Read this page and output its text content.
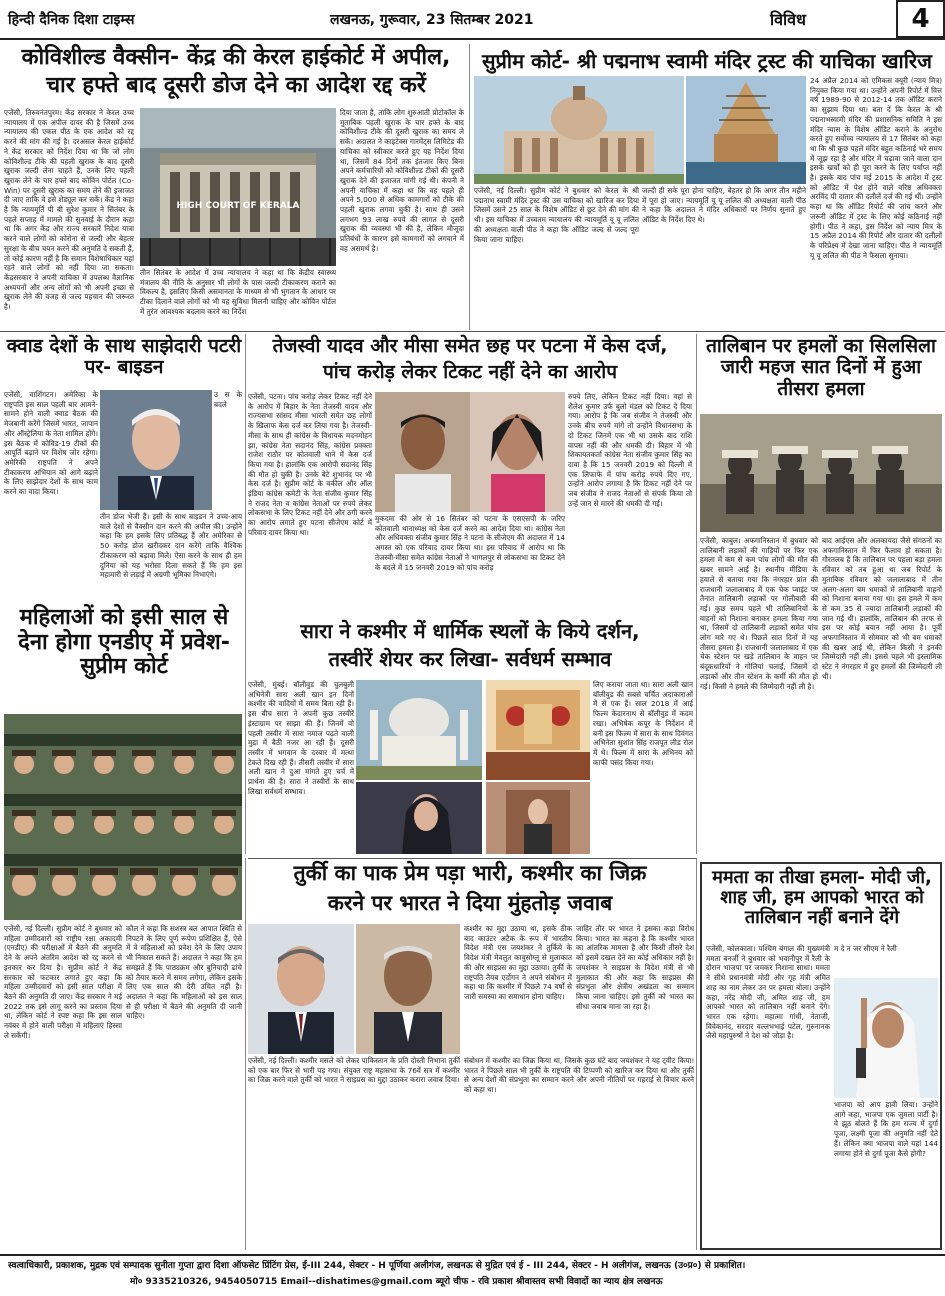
हिन्दी दैनिक दिशा टाइम्स	लखनऊ, गुरूवार, 23 सितम्बर 2021	विविध	4
कोविशील्ड वैक्सीन- केंद्र की केरल हाईकोर्ट में अपील,
चार हफ्ते बाद दूसरी डोज देने का आदेश रद्द करें
एजेंसी, तिरुवनंतपुरम। केंद्र सरकार ने केरल उच्च न्यायालय में एक अपील दायर की है जिसमें उच्च न्यायालय की एकल पीठ के एक आदेश को रद्द करने की मांग की गई है। दरअसल केरल हाईकोर्ट ने केंद्र सरकार को निर्देश दिया था कि जो लोग कोविशील्ड टीके की पहली खुराक के बाद दूसरी खुराक जल्दी लेना चाहते हैं, उनके लिए पहली खुराक लेने के चार हफ्ते बाद कोविन पोर्टल (Co-Win) पर दूसरी खुराक का समय लेने की इजाजत दी जाए ताकि वे इसे शेड्यूल कर सकें। केंद्र ने कहा है कि न्यायमूर्ति पी बी सुरेश कुमार ने सितंबर के पहले सप्ताह में मामले की सुनवाई के दौरान कहा था कि अगर केंद्र और राज्य सरकारें निदेश यात्रा करने वाले लोगों को कोरोना से जल्दी और बेहतर सुरक्षा के बीच चयन करने की अनुमति दे सकती हैं, तो कोई कारण नहीं है कि समान विशेषाधिकार यहां रहने वाले लोगों को नहीं दिया जा सकता। केंद्रसरकार ने अपनी याचिका में उपलब्ध वैज्ञानिक अध्ययनों और अन्य लोगों को भी अपनी इच्छा से खुराक लेने की वजह से जल्द पहचान की जरूरत है।
HIGH COURT OF KERALA
तीन सितंबर के आदेश में उच्च न्यायालय ने कहा था कि केंद्रीय स्वास्थ्य मंत्रालय की नीति के अनुसार भी लोगों के पास जल्दी टीकाकरण कराने का विकल्प है, इसलिए किसी असमानता के माध्यम से भी भुगतान के आधार पर टीका दिलाने वाले लोगों को भी यह सुविधा मिलनी चाहिए और कोविन पोर्टल में तुरंत आवश्यक बदलाव करने का निर्देश
दिया जाता है, ताकि लोग शुरुआती प्रोटोकॉल के मुताबिक पहली खुराक के चार हफ्ते के बाद कोविशील्ड टीके की दूसरी खुराक का समय ले सकें। अदालत ने काइटेक्स गारमेंट्स लिमिटेड की याचिका को स्वीकार करते हुए यह निर्देश दिया था, जिसमें 84 दिनों तक इंतजार किए बिना अपने कर्मचारियों को कोविशील्ड टीकों की दूसरी खुराक देने की इजाजत मांगी गई थी। कंपनी ने अपनी याचिका में कहा था कि वह पहले ही अपने 5,000 से अधिक कामगारों को टीके की पहली खुराक लगवा चुकी है। साथ ही उसने लगभग 93 लाख रुपये की लागत से दूसरी खुराक की व्यवस्था भी की है, लेकिन मौजूदा प्रतिबंधों के कारण इसे कामगारों को लगवाने में वह असमर्थ है।
सुप्रीम कोर्ट- श्री पद्मनाभ स्वामी मंदिर ट्रस्ट की याचिका खारिज
एजेंसी, नई दिल्ली। सुप्रीम कोर्ट ने बुधवार को केरल के श्री पद्मनाभ स्वामी मंदिर ट्रस्ट की उस याचिका को खारिज कर दिया जिसमें उसने 25 साल के विशेष ऑडिट से छूट देने की मांग की थी। इस याचिका में उच्चतम न्यायालय की न्यायमूर्ति यू यू ललित की अध्यक्षता वाली पीठ ने कहा कि ऑडिट जल्द से जल्द पूरा किया जाना चाहिए।
जल्दी ही सके पूरा होना चाहिए, बेहतर हो कि अगर तीन महीने में पूरा हो जाए। न्यायमूर्ति यू यू ललित की अध्यक्षता वाली पीठ ने कहा कि अदालत ने मंदिर अधिकारों पर निर्णय सुनाते हुए ऑडिट के निर्देश दिए थे।
24 अप्रैल 2014 को एमिकस क्यूरी (न्याय मित्र) नियुक्त किया गया था। उन्होंने अपनी रिपोर्ट में वित्त वर्ष 1989-90 से 2012-14 तक ऑडिट कराने का सुझाव दिया था। बता दें कि केरल के श्री पद्मनाभस्वामी मंदिर की प्रशासनिक समिति ने इस मंदिर न्यास के विशेष ऑडिट कराने के अनुरोध करते हुए सर्वोच्च न्यायालय से 17 सितंबर को कहा था कि श्री कुछ पहले मंदिर बहुत कठिनाई भरे समय में जूझ रहा है और मंदिर में चढ़ावा जाने वाला दान इसके खर्चों को ही पूरा करने के लिए पर्याप्त नहीं है। इसके बाद पांच मई 2015 के आदेश में ट्रस्ट को ऑडिट में पेश होने वाले वरिष्ठ अधिवक्ता अरविंद पी दातार की दलीलें दर्ज की गई थीं। उन्होंने कहा था कि ऑडिट रिपोर्ट की जांच करने और जरूरी ऑडिट में ट्रस्ट के लिए कोई कठिनाई नहीं होगी। पीठ ने कहा, इस निर्देश को न्याय मित्र के 15 अप्रैल 2014 की रिपोर्ट और दातार की दलीलों के परिप्रेक्ष्य में देखा जाना चाहिए। पीठ ने न्यायमूर्ति यू यू ललित की पीठ ने फैसला सुनाया।
क्वाड देशों के साथ साझेदारी पटरी पर- बाइडन
एजेंसी, वाशिंगटन। अमेरिका के राष्ट्रपति इस साल पहली बार आमने-सामने होने वाली क्वाड बैठक की मेजबानी करेंगे जिसमें भारत, जापान और ऑस्ट्रेलिया के नेता शामिल होंगे। इस बैठक में कोविड-19 टीकों की आपूर्ति बढ़ाने पर विशेष जोर रहेगा। अमेरिकी राष्ट्रपति ने अपने टीकाकरण अभियान को आगे बढ़ाने के लिए साझेदार देशों के साथ काम करने का वादा किया।
उ स के बदले
तीन डोज भेजी हैं। इसी के साथ बाइडन ने उच्च-आय वाले देशों से वैक्सीन दान करने की अपील की। उन्होंने कहा कि हम इसके लिए प्रतिबद्ध हैं और अमेरिका से 50 करोड़ डोज खरीदकर दान करेंगे ताकि वैश्विक टीकाकरण को बढ़ावा मिले। ऐसा करने के साथ ही हम दुनिया को यह भरोसा दिला सकते हैं कि हम इस महामारी से लड़ाई में अग्रणी भूमिका निभाएंगे।
तेजस्वी यादव और मीसा समेत छह पर पटना में केस दर्ज,
पांच करोड़ लेकर टिकट नहीं देने का आरोप
एजेंसी, पटना। पांच करोड़ लेकर टिकट नहीं देने के आरोप में बिहार के नेता तेजस्वी यादव और राज्यसभा सांसद मीसा भारती समेत छह लोगों के खिलाफ केस दर्ज कर लिया गया है। तेजस्वी-मीसा के साथ ही कांग्रेस के विधायक मदनमोहन झा, कांग्रेस नेता सदानंद सिंह, कांग्रेस प्रवक्ता राजेश राठौर पर कोतवाली थाने में केस दर्ज किया गया है। हालांकि एक आरोपी सदानंद सिंह की मौत हो चुकी है। उनके बेटे शुभानंद पर भी केस दर्ज है। सुप्रीम कोर्ट के वकील और ऑल इंडिया कांग्रेस कमेटी के नेता संजीव कुमार सिंह ने राजद नेता व कांग्रेस नेताओं पर रुपये लेकर लोकसभा के लिए टिकट नहीं देने और ठगी करने का आरोप लगाते हुए पटना सीजेएम कोर्ट में परिवाद दायर किया था।
मुकदमा की ओर से 16 सितंबर को पटना के एसएसपी के जरिए कोतवाली थानाध्यक्ष को केस दर्ज करने का आदेश दिया था। कांग्रेस नेता और अधिवक्ता संजीव कुमार सिंह ने पटना के सीजेएम की अदालत में 14 अगस्त को एक परिवाद दायर किया था। इस परिवाद में आरोप था कि तेजस्वी-मीसा समेत कांग्रेस नेताओं ने भागलपुर से लोकसभा का टिकट देने के बदले में 15 जनवरी 2019 को पांच करोड़
रुपये लिए, लेकिन टिकट नहीं दिया। वहां से शैलेश कुमार उर्फ बुलो मंडल को टिकट दे दिया गया। आरोप है कि जब संजीव ने तेजस्वी और उनके बीच रुपये मांगे तो उन्होंने विधानसभा के दो टिकट जिनमें एक भी था उसके बाद राशि वापस नहीं की और धमकी दी। बिहार में भी शिकायतकर्ता कांग्रेस नेता संजीव कुमार सिंह का दावा है कि 15 जनवरी 2019 को दिल्ली में एक लिफाफे में पांच करोड़ रुपये दिए गए, उन्होंने आरोप लगाया है कि टिकट नहीं देने पर जब संजीव ने राजद नेताओं से संपर्क किया तो उन्हें जान से मारने की धमकी दी गई।
तालिबान पर हमलों का सिलसिला जारी महज सात दिनों में हुआ तीसरा हमला
एजेंसी, काबुल। अफगानिस्तान में बुधवार को तालिबानी लड़ाकों की गाड़ियों पर फिर एक हमला में कम से कम पांच लोगों की मौत की खबर सामने आई है। स्थानीय मीडिया के हवाले से बताया गया कि नंगरहार प्रांत की राजधानी जलालाबाद में एक चेक प्वाइंट पर तैनात तालिबानी लड़ाकों पर गोलीबारी की गई। कुछ समय पहले भी तालिबानियों के वाहनों को निशाना बनाकर हमला किया गया था, जिसमें दो तालिबानी लड़ाकों समेत पांच लोग मारे गए थे। पिछले सात दिनों में यह तीसरा हमला है। राजधानी जलालाबाद में एक चेक स्टेशन पर खड़े तालिबान के वाहन पर बंदूकधारियों ने गोलियां चलाईं, जिसमें दो लड़ाकों और तीन स्टेशन के कर्मी की मौत हो गई। किसी ने हमले की जिम्मेदारी नहीं ली है।
बाद आईएस और अलकायदा जैसे संगठनों का अफगानिस्तान में फिर फैलाव हो सकता है। गौरतलब है कि तालिबान पर पहला बड़ा हमला रविवार को तब हुआ था जब रिपोर्ट के मुताबिक रविवार को जलालाबाद में तीन अलग-अलग बम धमाकों में तालिबानी वाहनों को निशाना बनाया गया था। इस हमले में कम से कम 35 से ज्यादा तालिबानी लड़ाकों की जान गई थी। हालांकि, तालिबान की तरफ से इस पर कोई बयान नहीं आया है। पूर्वी अफगानिस्तान में सोमवार को भी बम धमाकों की खबर आई थी, लेकिन किसी ने इनकी जिम्मेदारी नहीं ली। इससे पहले भी इस्लामिक स्टेट ने नंगरहार में हुए हमलों की जिम्मेदारी ली थी।
सारा ने कश्मीर में धार्मिक स्थलों के किये दर्शन,
तस्वीरें शेयर कर लिखा- सर्वधर्म सम्भाव
एजेंसी, मुंबई। बॉलीवुड की चुलबुली अभिनेत्री सारा अली खान इन दिनों कश्मीर की वादियों में समय बिता रही हैं। इस बीच सारा ने अपनी कुछ तस्वीरें इंस्टाग्राम पर साझा की हैं। जिनमें वो पहली तस्वीर में सारा नमाज पढ़ते वाली मुद्रा में बैठी नजर आ रही हैं। दूसरी तस्वीर में भगवान के दरबार में मत्था टेकते दिख रही हैं। तीसरी तस्वीर में सारा अली खान ने दुआ मांगते हुए चर्च में प्रार्थना की है। सारा ने तस्वीरों के साथ लिखा सर्वधर्म सम्भाव।
लिए कराया जाता था। सारा अली खान बॉलीवुड की सबसे चर्चित अदाकाराओं में से एक हैं। साल 2018 में आई फिल्म केदारनाथ से बॉलीवुड में कदम रखा। अभिषेक कपूर के निर्देशन में बनी इस फिल्म में सारा के साथ दिवंगत अभिनेता सुशांत सिंह राजपूत लीड रोल में थे। फिल्म में सारा के अभिनय को काफी पसंद किया गया।
महिलाओं को इसी साल से देना होगा एनडीए में प्रवेश- सुप्रीम कोर्ट
एजेंसी, नई दिल्ली। सुप्रीम कोर्ट ने बुधवार को महिला उम्मीदवारों को राष्ट्रीय रक्षा अकादमी (एनडीए) की परीक्षाओं में बैठने की अनुमति देने के अपने अंतरिम आदेश को रद्द करने से इनकार कर दिया है। सुप्रीम कोर्ट ने केंद्र सरकार को फटकार लगाते हुए कहा कि महिला उम्मीदवारों को इसी साल परीक्षा में बैठने की अनुमति दी जाए। केंद्र सरकार ने मई 2022 तक इसे लागू करने का प्रस्ताव दिया था, लेकिन कोर्ट ने स्पष्ट कहा कि इस साल नवंबर में होने वाली परीक्षा में महिलाएं हिस्सा ले सकेंगी।
कौल ने कहा कि सशस्त्र बल आपात स्थिति से निपटने के लिए पूर्ण रूपेण प्रशिक्षित हैं, ऐसे में वे महिलाओं को प्रवेश देने के लिए उपाय भी निकाल सकते हैं। अदालत ने कहा कि हम समझते हैं कि पाठ्यक्रम और बुनियादी ढांचे को तैयार करने में समय लगेगा, लेकिन इसके लिए एक साल की देरी उचित नहीं है। अदालत ने कहा कि महिलाओं को इस साल से ही परीक्षा में बैठने की अनुमति दी जानी चाहिए।
तुर्की का पाक प्रेम पड़ा भारी, कश्मीर का जिक्र
करने पर भारत ने दिया मुंहतोड़ जवाब
एजेंसी, नई दिल्ली। कश्मीर मसले को लेकर पाकिस्तान के प्रति दोस्ती निभाना तुर्की को एक बार फिर से भारी पड़ गया। संयुक्त राष्ट्र महासभा के 76वें सत्र में कश्मीर का जिक्र करने वाले तुर्की को भारत ने साइप्रस का मुद्दा उठाकर करारा जवाब दिया।
कश्मीर का मुद्दा उठाया था, इसके ठीक बाद काउंटर अटैक के रूप में भारतीय विदेश मंत्री एस जयशंकर ने तुर्किये के विदेश मंत्री मेवलुत कावुसोग्लू से मुलाकात की और साइप्रस का मुद्दा उठाया। तुर्की के राष्ट्रपति तैयब एर्दोगन ने अपने संबोधन में कहा था कि कश्मीर में पिछले 74 वर्षों से जारी समस्या का समाधान होना चाहिए।
जाहिर तौर पर भारत ने इसका कड़ा विरोध किया। भारत का कहना है कि कश्मीर भारत का आंतरिक मामला है और किसी तीसरे देश को इसमें दखल देने का कोई अधिकार नहीं है। जयशंकर ने साइप्रस के विदेश मंत्री से भी मुलाकात की और कहा कि साइप्रस की संप्रभुता और क्षेत्रीय अखंडता का सम्मान किया जाना चाहिए। इसे तुर्की को भारत का सीधा जवाब माना जा रहा है।
संबोधन में कश्मीर का जिक्र किया था, जिसके कुछ घंटे बाद जयशंकर ने यह ट्वीट किया। भारत ने पिछले साल भी तुर्की के राष्ट्रपति की टिप्पणी को खारिज कर दिया था और तुर्की से अन्य देशों की संप्रभुता का सम्मान करने और अपनी नीतियों पर गहराई से विचार करने को कहा था।
ममता का तीखा हमला- मोदी जी, शाह जी, हम आपको भारत को तालिबान नहीं बनाने देंगे
एजेंसी, कोलकाता। पश्चिम बंगाल की मुख्यमंत्री ममता बनर्जी ने बुधवार को भवानीपुर में रैली के दौरान भाजपा पर जमकर निशाना साधा। ममता ने सीधे प्रधानमंत्री मोदी और गृह मंत्री अमित शाह का नाम लेकर उन पर हमला बोला। उन्होंने कहा, नरेंद्र मोदी जी, अमित शाह जी, हम आपको भारत को तालिबान नहीं बनाने देंगे। भारत एक रहेगा। महात्मा गांधी, नेताजी, विवेकानंद, सरदार वल्लभभाई पटेल, गुरुनानक जैसे महापुरुषों ने देश को जोड़ा है।
म दे न जर सीएम ने रैली
भाजपा को आप हावी लिया। उन्होंने आगे कहा, भाजपा एक जुमला पार्टी है। वे झूठ बोलते हैं कि हम राज्य में दुर्गा पूजा, लक्ष्मी पूजा की अनुमति नहीं देते हैं। लेकिन क्या भाजपा वाले यहां 144 लगाया होने से दुर्गा पूजा कैसे होगी?
स्वत्वाधिकारी, प्रकाशक, मुद्रक एवं सम्पादक सुनीता गुप्ता द्वारा दिशा ऑफसेट प्रिंटिंग प्रेस, ई-III 244, सेक्टर - H पूर्णिया अलीगंज, लखनऊ से मुद्रित एवं ई - III 244, सेक्टर - H अलीगंज, लखनऊ (उ०प्र०) से प्रकाशित।
मो० 9335210326, 9454050715 Email--dishatimes@gmail.com ब्यूरो चीफ - रवि प्रकाश श्रीवास्तव सभी विवादों का न्याय क्षेत्र लखनऊ
